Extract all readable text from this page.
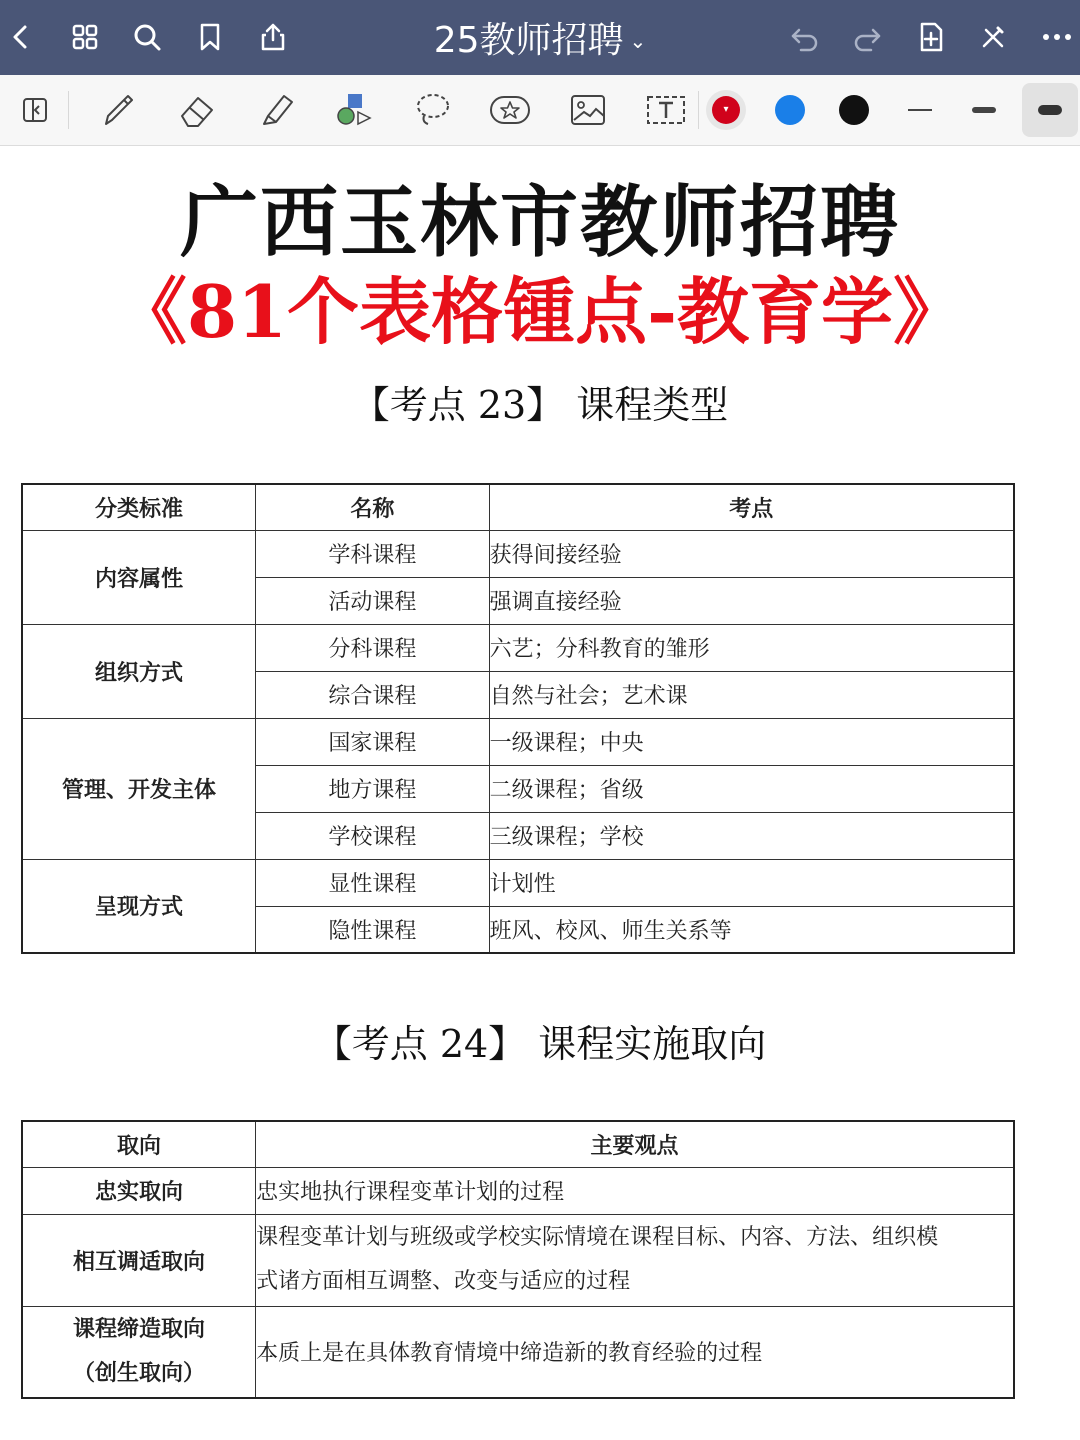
25教师招聘 ⌄
▾
广西玉林市教师招聘
《81个表格锺点-教育学》
【考点 23】 课程类型
分类标准	名称	考点
内容属性	学科课程	获得间接经验
	活动课程	强调直接经验
组织方式	分科课程	六艺；分科教育的雏形
	综合课程	自然与社会；艺术课
管理、开发主体	国家课程	一级课程；中央
	地方课程	二级课程；省级
	学校课程	三级课程；学校
呈现方式	显性课程	计划性
	隐性课程	班风、校风、师生关系等
【考点 24】 课程实施取向
取向	主要观点
忠实取向	忠实地执行课程变革计划的过程
相互调适取向	课程变革计划与班级或学校实际情境在课程目标、内容、方法、组织模
式诸方面相互调整、改变与适应的过程

课程缔造取向
（创生取向）	本质上是在具体教育情境中缔造新的教育经验的过程
